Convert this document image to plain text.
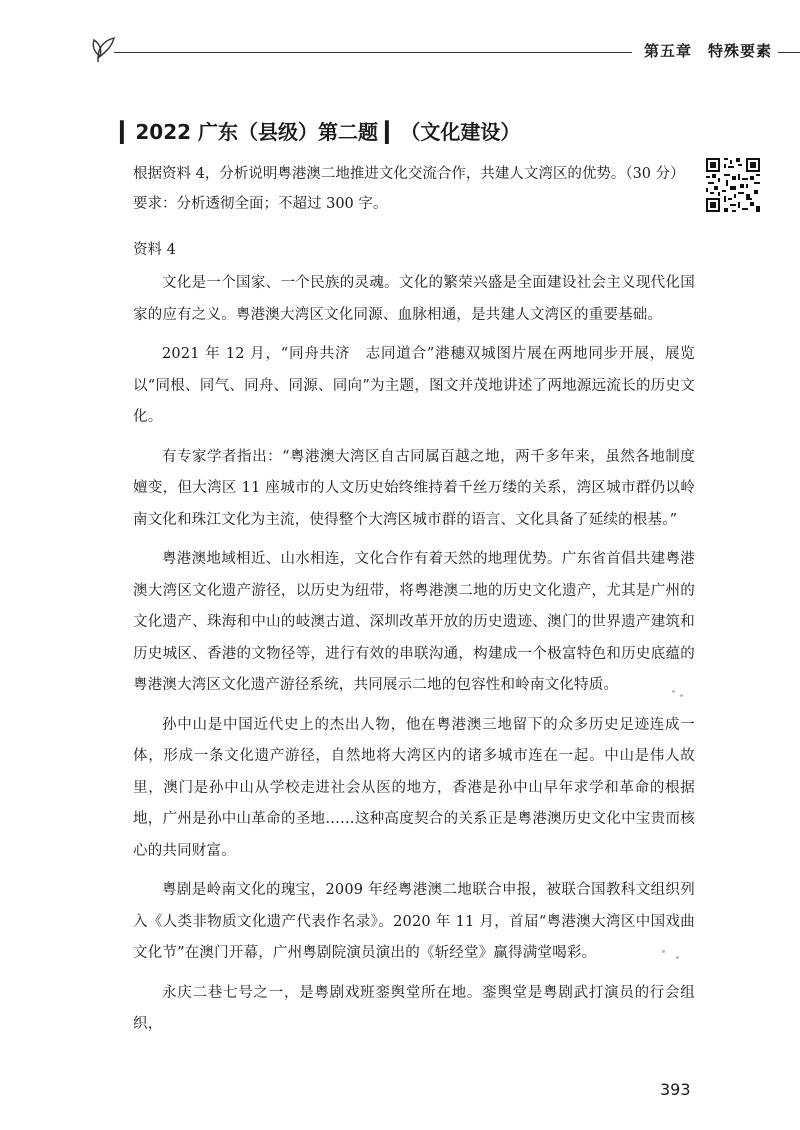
第五章　特殊要素
▎2022 广东（县级）第二题 ▎（文化建设）
根据资料 4，分析说明粤港澳二地推进文化交流合作，共建人文湾区的优势。（30 分）
要求：分析透彻全面；不超过 300 字。
资料 4

文化是一个国家、一个民族的灵魂。文化的繁荣兴盛是全面建设社会主义现代化国家的应有之义。粤港澳大湾区文化同源、血脉相通，是共建人文湾区的重要基础。

2021 年 12 月，“同舟共济　志同道合”港穗双城图片展在两地同步开展，展览以“同根、同气、同舟、同源、同向”为主题，图文并茂地讲述了两地源远流长的历史文化。

有专家学者指出：“粤港澳大湾区自古同属百越之地，两千多年来，虽然各地制度嬗变，但大湾区 11 座城市的人文历史始终维持着千丝万缕的关系，湾区城市群仍以岭南文化和珠江文化为主流，使得整个大湾区城市群的语言、文化具备了延续的根基。”

粤港澳地域相近、山水相连，文化合作有着天然的地理优势。广东省首倡共建粤港澳大湾区文化遗产游径，以历史为纽带，将粤港澳二地的历史文化遗产，尤其是广州的文化遗产、珠海和中山的岐澳古道、深圳改革开放的历史遗迹、澳门的世界遗产建筑和历史城区、香港的文物径等，进行有效的串联沟通，构建成一个极富特色和历史底蕴的粤港澳大湾区文化遗产游径系统，共同展示二地的包容性和岭南文化特质。

孙中山是中国近代史上的杰出人物，他在粤港澳三地留下的众多历史足迹连成一体，形成一条文化遗产游径，自然地将大湾区内的诸多城市连在一起。中山是伟人故里，澳门是孙中山从学校走进社会从医的地方，香港是孙中山早年求学和革命的根据地，广州是孙中山革命的圣地……这种高度契合的关系正是粤港澳历史文化中宝贵而核心的共同财富。

粤剧是岭南文化的瑰宝，2009 年经粤港澳二地联合申报，被联合国教科文组织列入《人类非物质文化遗产代表作名录》。2020 年 11 月，首届“粤港澳大湾区中国戏曲文化节”在澳门开幕，广州粤剧院演员演出的《斩经堂》赢得满堂喝彩。

永庆二巷七号之一，是粤剧戏班銮舆堂所在地。銮舆堂是粤剧武打演员的行会组织，

393
